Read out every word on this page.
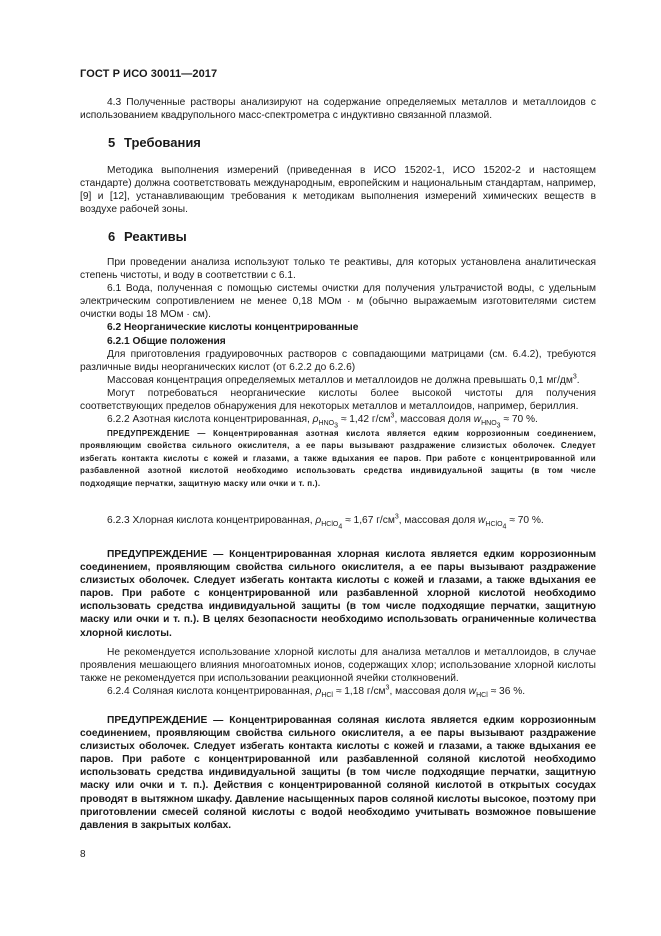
ГОСТ Р ИСО 30011—2017

4.3 Полученные растворы анализируют на содержание определяемых металлов и металлоидов с использованием квадрупольного масс-спектрометра с индуктивно связанной плазмой.

5 Требования

Методика выполнения измерений (приведенная в ИСО 15202-1, ИСО 15202-2 и настоящем стандарте) должна соответствовать международным, европейским и национальным стандартам, например, [9] и [12], устанавливающим требования к методикам выполнения измерений химических веществ в воздухе рабочей зоны.

6 Реактивы

При проведении анализа используют только те реактивы, для которых установлена аналитическая степень чистоты, и воду в соответствии с 6.1.

6.1 Вода, полученная с помощью системы очистки для получения ультрачистой воды, с удельным электрическим сопротивлением не менее 0,18 МОм · м (обычно выражаемым изготовителями систем очистки воды 18 МОм · см).

6.2 Неорганические кислоты концентрированные

6.2.1 Общие положения

Для приготовления градуировочных растворов с совпадающими матрицами (см. 6.4.2), требуются различные виды неорганических кислот (от 6.2.2 до 6.2.6)

Массовая концентрация определяемых металлов и металлоидов не должна превышать 0,1 $мг/дм^3$.

Могут потребоваться неорганические кислоты более высокой чистоты для получения соответствующих пределов обнаружения для некоторых металлов и металлоидов, например, бериллия.

6.2.2 Азотная кислота концентрированная, $\rho_{HNO_3} \approx 1,42$ $г/см^3$, массовая доля $w_{HNO_3} \approx 70$ %.

ПРЕДУПРЕЖДЕНИЕ — Концентрированная азотная кислота является едким коррозионным соединением, проявляющим свойства сильного окислителя, а ее пары вызывают раздражение слизистых оболочек. Следует избегать контакта кислоты с кожей и глазами, а также вдыхания ее паров. При работе с концентрированной или разбавленной азотной кислотой необходимо использовать средства индивидуальной защиты (в том числе подходящие перчатки, защитную маску или очки и т. п.).

6.2.3 Хлорная кислота концентрированная, $\rho_{HClO_4} \approx 1,67$ $г/см^3$, массовая доля $w_{HClO_4} \approx 70$ %.

ПРЕДУПРЕЖДЕНИЕ — Концентрированная хлорная кислота является едким коррозионным соединением, проявляющим свойства сильного окислителя, а ее пары вызывают раздражение слизистых оболочек. Следует избегать контакта кислоты с кожей и глазами, а также вдыхания ее паров. При работе с концентрированной или разбавленной хлорной кислотой необходимо использовать средства индивидуальной защиты (в том числе подходящие перчатки, защитную маску или очки и т. п.). В целях безопасности необходимо использовать ограниченные количества хлорной кислоты.

Не рекомендуется использование хлорной кислоты для анализа металлов и металлоидов, в случае проявления мешающего влияния многоатомных ионов, содержащих хлор; использование хлорной кислоты также не рекомендуется при использовании реакционной ячейки столкновений.

6.2.4 Соляная кислота концентрированная, $\rho_{HCl} \approx 1,18$ $г/см^3$, массовая доля $w_{HCl} \approx 36$ %.

ПРЕДУПРЕЖДЕНИЕ — Концентрированная соляная кислота является едким коррозионным соединением, проявляющим свойства сильного окислителя, а ее пары вызывают раздражение слизистых оболочек. Следует избегать контакта кислоты с кожей и глазами, а также вдыхания ее паров. При работе с концентрированной или разбавленной соляной кислотой необходимо использовать средства индивидуальной защиты (в том числе подходящие перчатки, защитную маску или очки и т. п.). Действия с концентрированной соляной кислотой в открытых сосудах проводят в вытяжном шкафу. Давление насыщенных паров соляной кислоты высокое, поэтому при приготовлении смесей соляной кислоты с водой необходимо учитывать возможное повышение давления в закрытых колбах.

8
